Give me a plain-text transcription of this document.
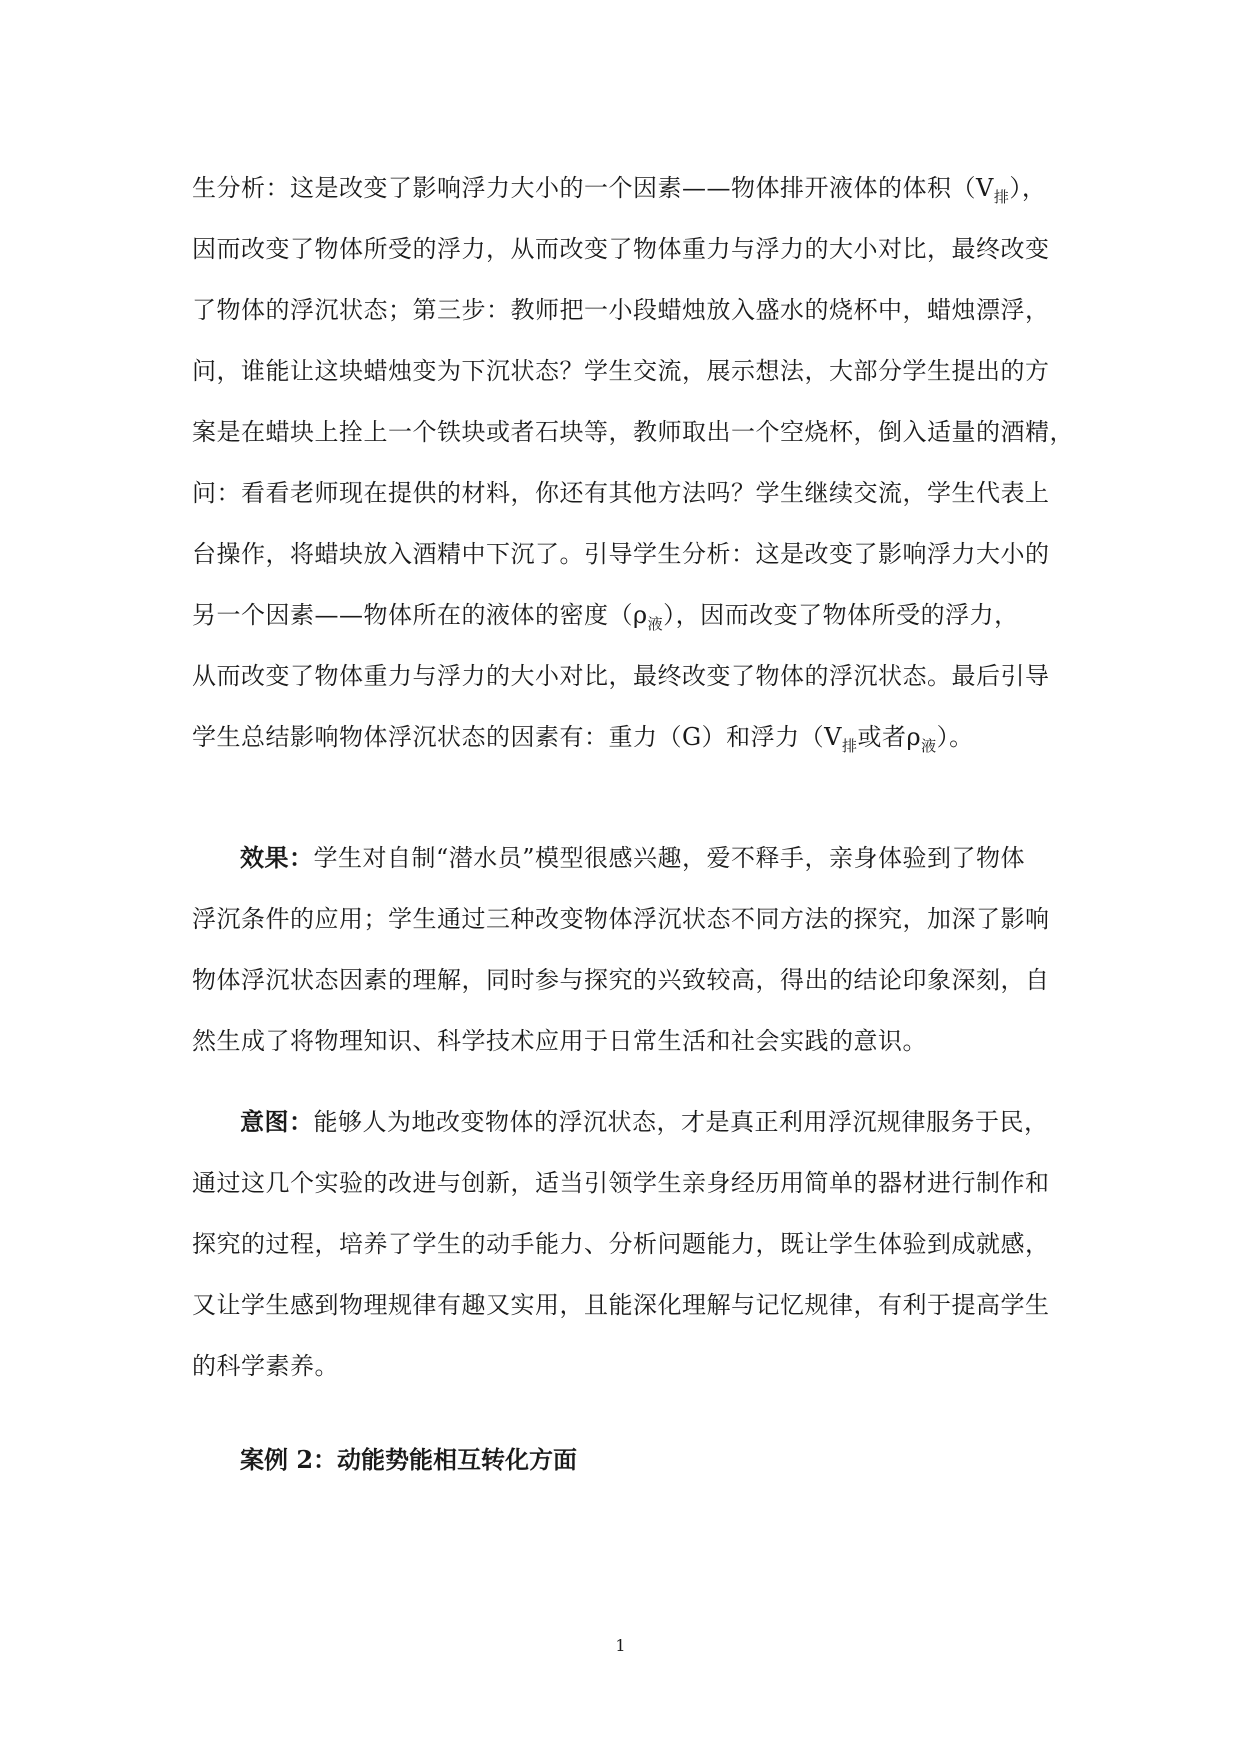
生分析：这是改变了影响浮力大小的一个因素——物体排开液体的体积$(V_排)$，
因而改变了物体所受的浮力，从而改变了物体重力与浮力的大小对比，最终改变
了物体的浮沉状态；第三步：教师把一小段蜡烛放入盛水的烧杯中，蜡烛漂浮，
问，谁能让这块蜡烛变为下沉状态？学生交流，展示想法，大部分学生提出的方
案是在蜡块上拴上一个铁块或者石块等，教师取出一个空烧杯，倒入适量的酒精，
问：看看老师现在提供的材料，你还有其他方法吗？学生继续交流，学生代表上
台操作，将蜡块放入酒精中下沉了。引导学生分析：这是改变了影响浮力大小的
另一个因素——物体所在的液体的密度$(\rho_液)$，因而改变了物体所受的浮力，
从而改变了物体重力与浮力的大小对比，最终改变了物体的浮沉状态。最后引导
学生总结影响物体浮沉状态的因素有：重力（G）和浮力（$V_排$或者$\rho_液$）。
效果：学生对自制“潜水员”模型很感兴趣，爱不释手，亲身体验到了物体
浮沉条件的应用；学生通过三种改变物体浮沉状态不同方法的探究，加深了影响
物体浮沉状态因素的理解，同时参与探究的兴致较高，得出的结论印象深刻，自
然生成了将物理知识、科学技术应用于日常生活和社会实践的意识。
意图：能够人为地改变物体的浮沉状态，才是真正利用浮沉规律服务于民，
通过这几个实验的改进与创新，适当引领学生亲身经历用简单的器材进行制作和
探究的过程，培养了学生的动手能力、分析问题能力，既让学生体验到成就感，
又让学生感到物理规律有趣又实用，且能深化理解与记忆规律，有利于提高学生
的科学素养。
案例 2：动能势能相互转化方面
1
